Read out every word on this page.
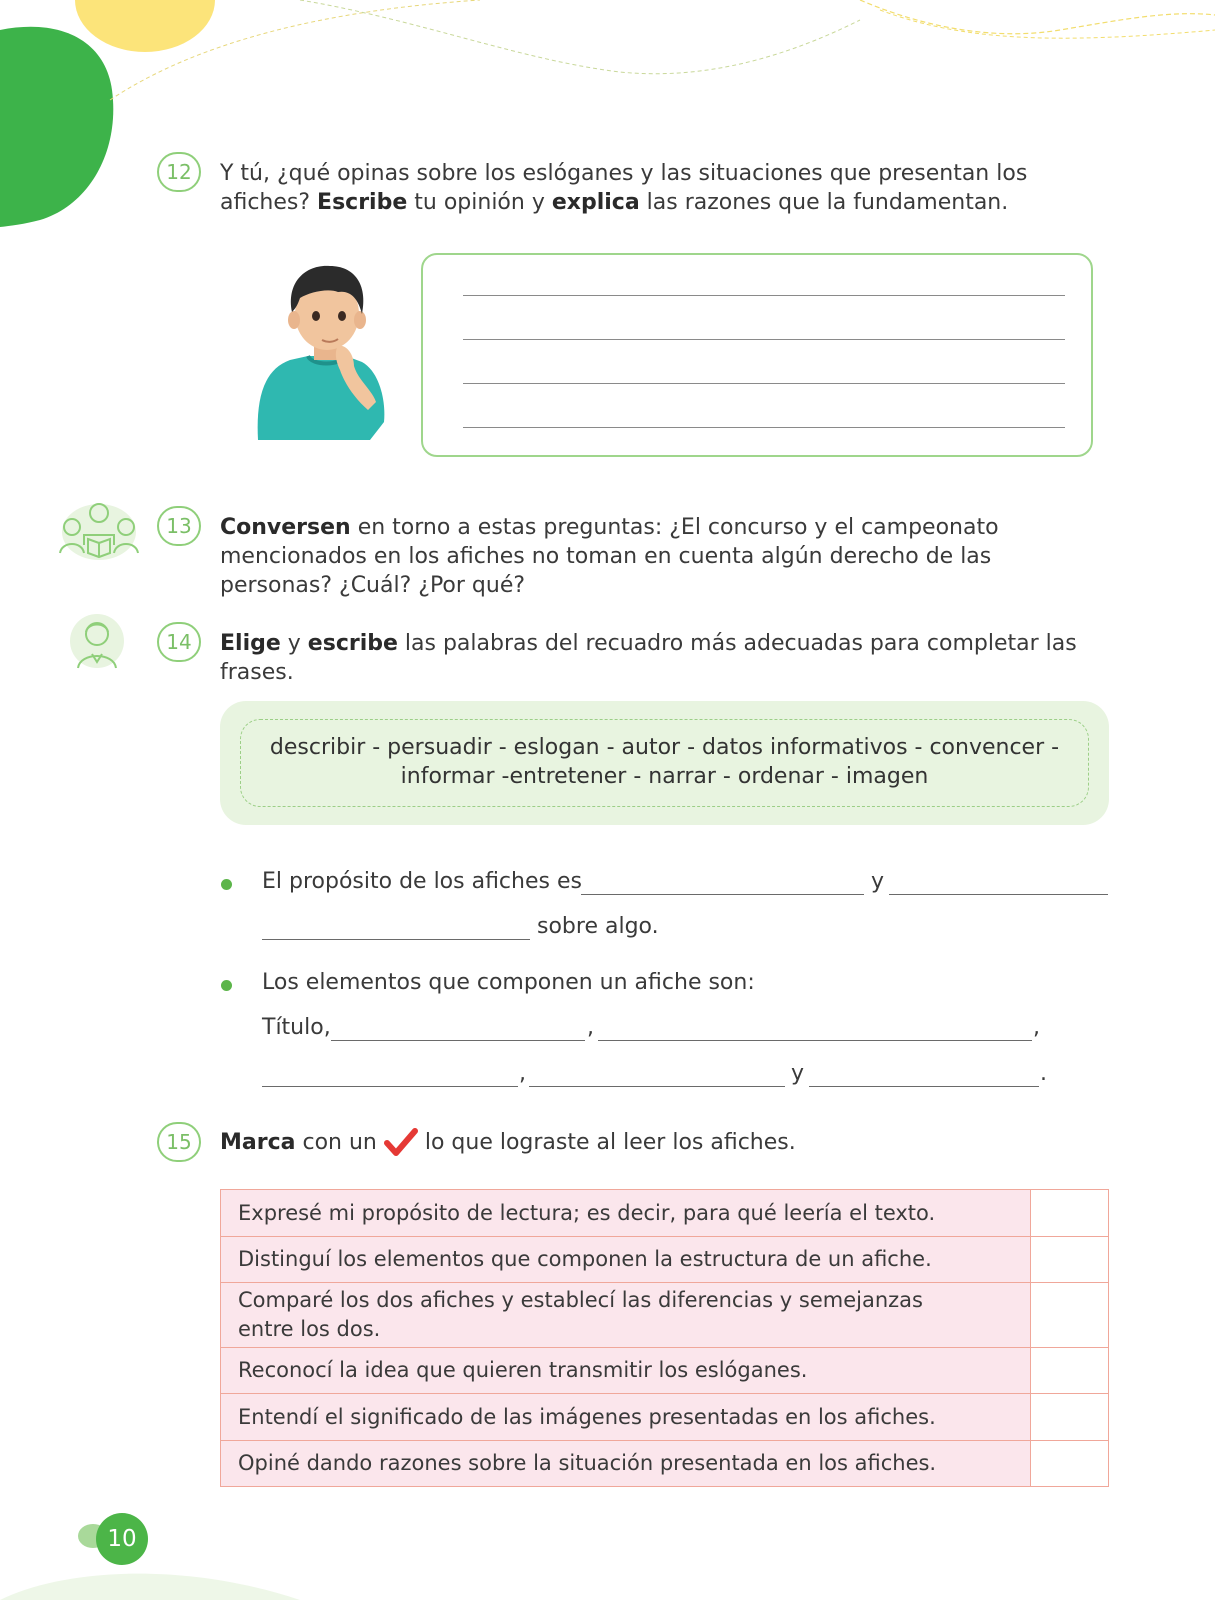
12	Y tú, ¿qué opinas sobre los eslóganes y las situaciones que presentan los afiches? Escribe tu opinión y explica las razones que la fundamentan.
13	Conversen en torno a estas preguntas: ¿El concurso y el campeonato mencionados en los afiches no toman en cuenta algún derecho de las personas? ¿Cuál? ¿Por qué?
14	Elige y escribe las palabras del recuadro más adecuadas para completar las frases.
describir - persuadir - eslogan - autor - datos informativos - convencer -
informar -entretener - narrar - ordenar - imagen
El propósito de los afiches es	y
sobre algo.
Los elementos que componen un afiche son:
Título,	,	,
,	y	.
15	Marca con un  lo que lograste al leer los afiches.
Expresé mi propósito de lectura; es decir, para qué leería el texto.	
Distinguí los elementos que componen la estructura de un afiche.	
Comparé los dos afiches y establecí las diferencias y semejanzas entre los dos.	
Reconocí la idea que quieren transmitir los eslóganes.	
Entendí el significado de las imágenes presentadas en los afiches.	
Opiné dando razones sobre la situación presentada en los afiches.	
10
